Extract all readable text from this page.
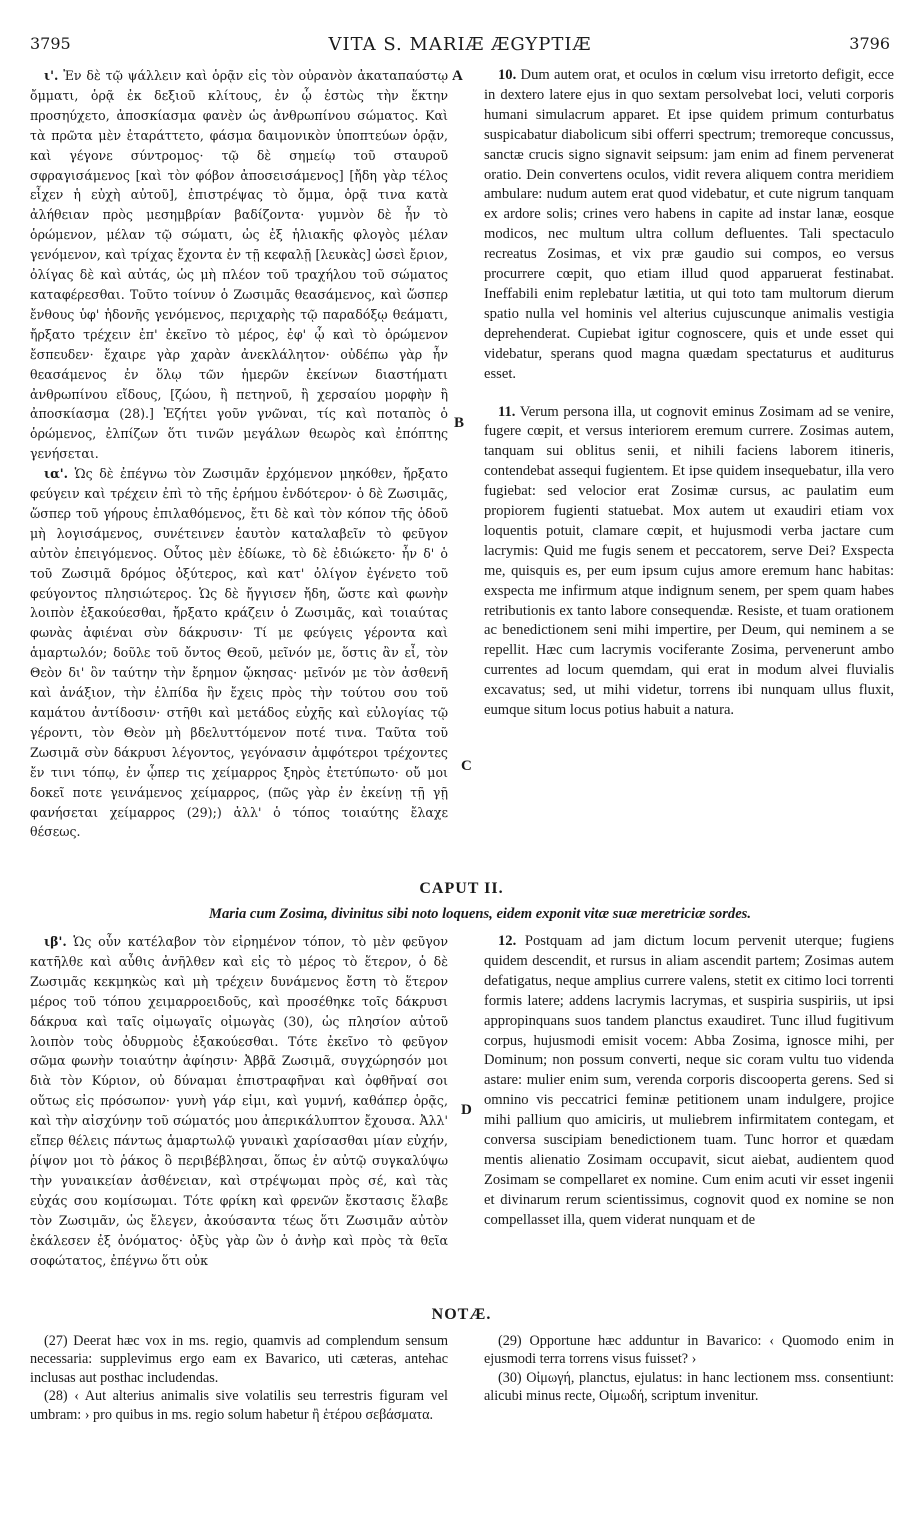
3795	VITA S. MARIÆ ÆGYPTIÆ	3796

ι'. Ἐν δὲ τῷ ψάλλειν καὶ ὁρᾷν εἰς τὸν οὐρανὸν ἀκαταπαύστῳ ὄμματι, ὁρᾷ ἐκ δεξιοῦ κλίτους, ἐν ᾧ ἑστὼς τὴν ἕκτην προσηύχετο, ἀποσκίασμα φανὲν ὡς ἀνθρωπίνου σώματος. Καὶ τὰ πρῶτα μὲν ἐταράττετο, φάσμα δαιμονικὸν ὑποπτεύων ὁρᾷν, καὶ γέγονε σύντρομος· τῷ δὲ σημείῳ τοῦ σταυροῦ σφραγισάμενος [καὶ τὸν φόβον ἀποσεισάμενος] [ἤδη γὰρ τέλος εἶχεν ἡ εὐχὴ αὐτοῦ], ἐπιστρέψας τὸ ὄμμα, ὁρᾷ τινα κατὰ ἀλήθειαν πρὸς μεσημβρίαν βαδίζοντα· γυμνὸν δὲ ἦν τὸ ὁρώμενον, μέλαν τῷ σώματι, ὡς ἐξ ἡλιακῆς φλογὸς μέλαν γενόμενον, καὶ τρίχας ἔχοντα ἐν τῇ κεφαλῇ [λευκὰς] ὡσεὶ ἔριον, ὀλίγας δὲ καὶ αὐτάς, ὡς μὴ πλέον τοῦ τραχήλου τοῦ σώματος καταφέρεσθαι. Τοῦτο τοίνυν ὁ Ζωσιμᾶς θεασάμενος, καὶ ὥσπερ ἔνθους ὑφ' ἡδονῆς γενόμενος, περιχαρὴς τῷ παραδόξῳ θεάματι, ἤρξατο τρέχειν ἐπ' ἐκεῖνο τὸ μέρος, ἐφ' ᾧ καὶ τὸ ὁρώμενον ἔσπευδεν· ἔχαιρε γὰρ χαρὰν ἀνεκλάλητον· οὐδέπω γὰρ ἦν θεασάμενος ἐν ὅλῳ τῶν ἡμερῶν ἐκείνων διαστήματι ἀνθρωπίνου εἴδους, [ζώου, ἢ πετηνοῦ, ἢ χερσαίου μορφὴν ἢ ἀποσκίασμα (28).] Ἐζήτει γοῦν γνῶναι, τίς καὶ ποταπὸς ὁ ὁρώμενος, ἐλπίζων ὅτι τινῶν μεγάλων θεωρὸς καὶ ἐπόπτης γενήσεται.

ια'. Ὡς δὲ ἐπέγνω τὸν Ζωσιμᾶν ἐρχόμενον μηκόθεν, ἤρξατο φεύγειν καὶ τρέχειν ἐπὶ τὸ τῆς ἐρήμου ἐνδότερον· ὁ δὲ Ζωσιμᾶς, ὥσπερ τοῦ γήρους ἐπιλαθόμενος, ἔτι δὲ καὶ τὸν κόπον τῆς ὁδοῦ μὴ λογισάμενος, συνέτεινεν ἑαυτὸν καταλαβεῖν τὸ φεῦγον αὐτὸν ἐπειγόμενος. Οὗτος μὲν ἐδίωκε, τὸ δὲ ἐδιώκετο· ἦν δ' ὁ τοῦ Ζωσιμᾶ δρόμος ὀξύτερος, καὶ κατ' ὀλίγον ἐγένετο τοῦ φεύγοντος πλησιώτερος. Ὡς δὲ ἤγγισεν ἤδη, ὥστε καὶ φωνὴν λοιπὸν ἐξακούεσθαι, ἤρξατο κράζειν ὁ Ζωσιμᾶς, καὶ τοιαύτας φωνὰς ἀφιέναι σὺν δάκρυσιν· Τί με φεύγεις γέροντα καὶ ἁμαρτωλόν; δοῦλε τοῦ ὄντος Θεοῦ, μεῖνόν με, ὅστις ἂν εἶ, τὸν Θεὸν δι' ὃν ταύτην τὴν ἔρημον ᾤκησας· μεῖνόν με τὸν ἀσθενῆ καὶ ἀνάξιον, τὴν ἐλπίδα ἣν ἔχεις πρὸς τὴν τούτου σου τοῦ καμάτου ἀντίδοσιν· στῆθι καὶ μετάδος εὐχῆς καὶ εὐλογίας τῷ γέροντι, τὸν Θεὸν μὴ βδελυττόμενον ποτέ τινα. Ταῦτα τοῦ Ζωσιμᾶ σὺν δάκρυσι λέγοντος, γεγόνασιν ἀμφότεροι τρέχοντες ἔν τινι τόπῳ, ἐν ᾧπερ τις χείμαρρος ξηρὸς ἐτετύπωτο· οὔ μοι δοκεῖ ποτε γεινάμενος χείμαρρος, (πῶς γὰρ ἐν ἐκείνῃ τῇ γῇ φανήσεται χείμαρρος (29);) ἀλλ' ὁ τόπος τοιαύτης ἔλαχε θέσεως.

A
B
C
D

10. Dum autem orat, et oculos in cœlum visu irretorto defigit, ecce in dextero latere ejus in quo sextam persolvebat loci, veluti corporis humani simulacrum apparet. Et ipse quidem primum conturbatus suspicabatur diabolicum sibi offerri spectrum; tremoreque concussus, sanctæ crucis signo signavit seipsum: jam enim ad finem pervenerat oratio. Dein convertens oculos, vidit revera aliquem contra meridiem ambulare: nudum autem erat quod videbatur, et cute nigrum tanquam ex ardore solis; crines vero habens in capite ad instar lanæ, eosque modicos, nec multum ultra collum defluentes. Tali spectaculo recreatus Zosimas, et vix præ gaudio sui compos, eo versus procurrere cœpit, quo etiam illud quod apparuerat festinabat. Ineffabili enim replebatur lætitia, ut qui toto tam multorum dierum spatio nulla vel hominis vel alterius cujuscunque animalis vestigia deprehenderat. Cupiebat igitur cognoscere, quis et unde esset qui videbatur, sperans quod magna quædam spectaturus et auditurus esset.

11. Verum persona illa, ut cognovit eminus Zosimam ad se venire, fugere cœpit, et versus interiorem eremum currere. Zosimas autem, tanquam sui oblitus senii, et nihili faciens laborem itineris, contendebat assequi fugientem. Et ipse quidem insequebatur, illa vero fugiebat: sed velocior erat Zosimæ cursus, ac paulatim eum propiorem fugienti statuebat. Mox autem ut exaudiri etiam vox loquentis potuit, clamare cœpit, et hujusmodi verba jactare cum lacrymis: Quid me fugis senem et peccatorem, serve Dei? Exspecta me, quisquis es, per eum ipsum cujus amore eremum hanc habitas: exspecta me infirmum atque indignum senem, per spem quam habes retributionis ex tanto labore consequendæ. Resiste, et tuam orationem ac benedictionem seni mihi impertire, per Deum, qui neminem a se repellit. Hæc cum lacrymis vociferante Zosima, pervenerunt ambo currentes ad locum quemdam, qui erat in modum alvei fluvialis excavatus; sed, ut mihi videtur, torrens ibi nunquam ullus fluxit, eumque situm locus potius habuit a natura.

CAPUT II.
Maria cum Zosima, divinitus sibi noto loquens, eidem exponit vitæ suæ meretriciæ sordes.

ιβ'. Ὡς οὖν κατέλαβον τὸν εἰρημένον τόπον, τὸ μὲν φεῦγον κατῆλθε καὶ αὖθις ἀνῆλθεν καὶ εἰς τὸ μέρος τὸ ἕτερον, ὁ δὲ Ζωσιμᾶς κεκμηκὼς καὶ μὴ τρέχειν δυνάμενος ἔστη τὸ ἕτερον μέρος τοῦ τόπου χειμαρροειδοῦς, καὶ προσέθηκε τοῖς δάκρυσι δάκρυα καὶ ταῖς οἰμωγαῖς οἰμωγὰς (30), ὡς πλησίον αὐτοῦ λοιπὸν τοὺς ὀδυρμοὺς ἐξακούεσθαι. Τότε ἐκεῖνο τὸ φεῦγον σῶμα φωνὴν τοιαύτην ἀφίησιν· Ἀββᾶ Ζωσιμᾶ, συγχώρησόν μοι διὰ τὸν Κύριον, οὐ δύναμαι ἐπιστραφῆναι καὶ ὀφθῆναί σοι οὕτως εἰς πρόσωπον· γυνὴ γάρ εἰμι, καὶ γυμνή, καθάπερ ὁρᾷς, καὶ τὴν αἰσχύνην τοῦ σώματός μου ἀπερικάλυπτον ἔχουσα. Ἀλλ' εἴπερ θέλεις πάντως ἁμαρτωλῷ γυναικὶ χαρίσασθαι μίαν εὐχήν, ῥίψον μοι τὸ ῥάκος ὃ περιβέβλησαι, ὅπως ἐν αὐτῷ συγκαλύψω τὴν γυναικείαν ἀσθένειαν, καὶ στρέψωμαι πρὸς σέ, καὶ τὰς εὐχάς σου κομίσωμαι. Τότε φρίκη καὶ φρενῶν ἔκστασις ἔλαβε τὸν Ζωσιμᾶν, ὡς ἔλεγεν, ἀκούσαντα τέως ὅτι Ζωσιμᾶν αὐτὸν ἐκάλεσεν ἐξ ὀνόματος· ὀξὺς γὰρ ὢν ὁ ἀνὴρ καὶ πρὸς τὰ θεῖα σοφώτατος, ἐπέγνω ὅτι οὐκ

12. Postquam ad jam dictum locum pervenit uterque; fugiens quidem descendit, et rursus in aliam ascendit partem; Zosimas autem defatigatus, neque amplius currere valens, stetit ex citimo loci torrenti formis latere; addens lacrymis lacrymas, et suspiria suspiriis, ut ipsi appropinquans suos tandem planctus exaudiret. Tunc illud fugitivum corpus, hujusmodi emisit vocem: Abba Zosima, ignosce mihi, per Dominum; non possum converti, neque sic coram vultu tuo videnda astare: mulier enim sum, verenda corporis discooperta gerens. Sed si omnino vis peccatrici feminæ petitionem unam indulgere, projice mihi pallium quo amiciris, ut muliebrem infirmitatem contegam, et conversa suscipiam benedictionem tuam. Tunc horror et quædam mentis alienatio Zosimam occupavit, sicut aiebat, audientem quod Zosimam se compellaret ex nomine. Cum enim acuti vir esset ingenii et divinarum rerum scientissimus, cognovit quod ex nomine se non compellasset illa, quem viderat nunquam et de

NOTÆ.

(27) Deerat hæc vox in ms. regio, quamvis ad complendum sensum necessaria: supplevimus ergo eam ex Bavarico, uti cæteras, antehac inclusas aut posthac includendas.

(28) ‹ Aut alterius animalis sive volatilis seu terrestris figuram vel umbram: › pro quibus in ms. regio solum habetur ἢ ἑτέρου σεβάσματα.

(29) Opportune hæc adduntur in Bavarico: ‹ Quomodo enim in ejusmodi terra torrens visus fuisset? ›

(30) Οἰμωγή, planctus, ejulatus: in hanc lectionem mss. consentiunt: alicubi minus recte, Οἰμωδή, scriptum invenitur.
